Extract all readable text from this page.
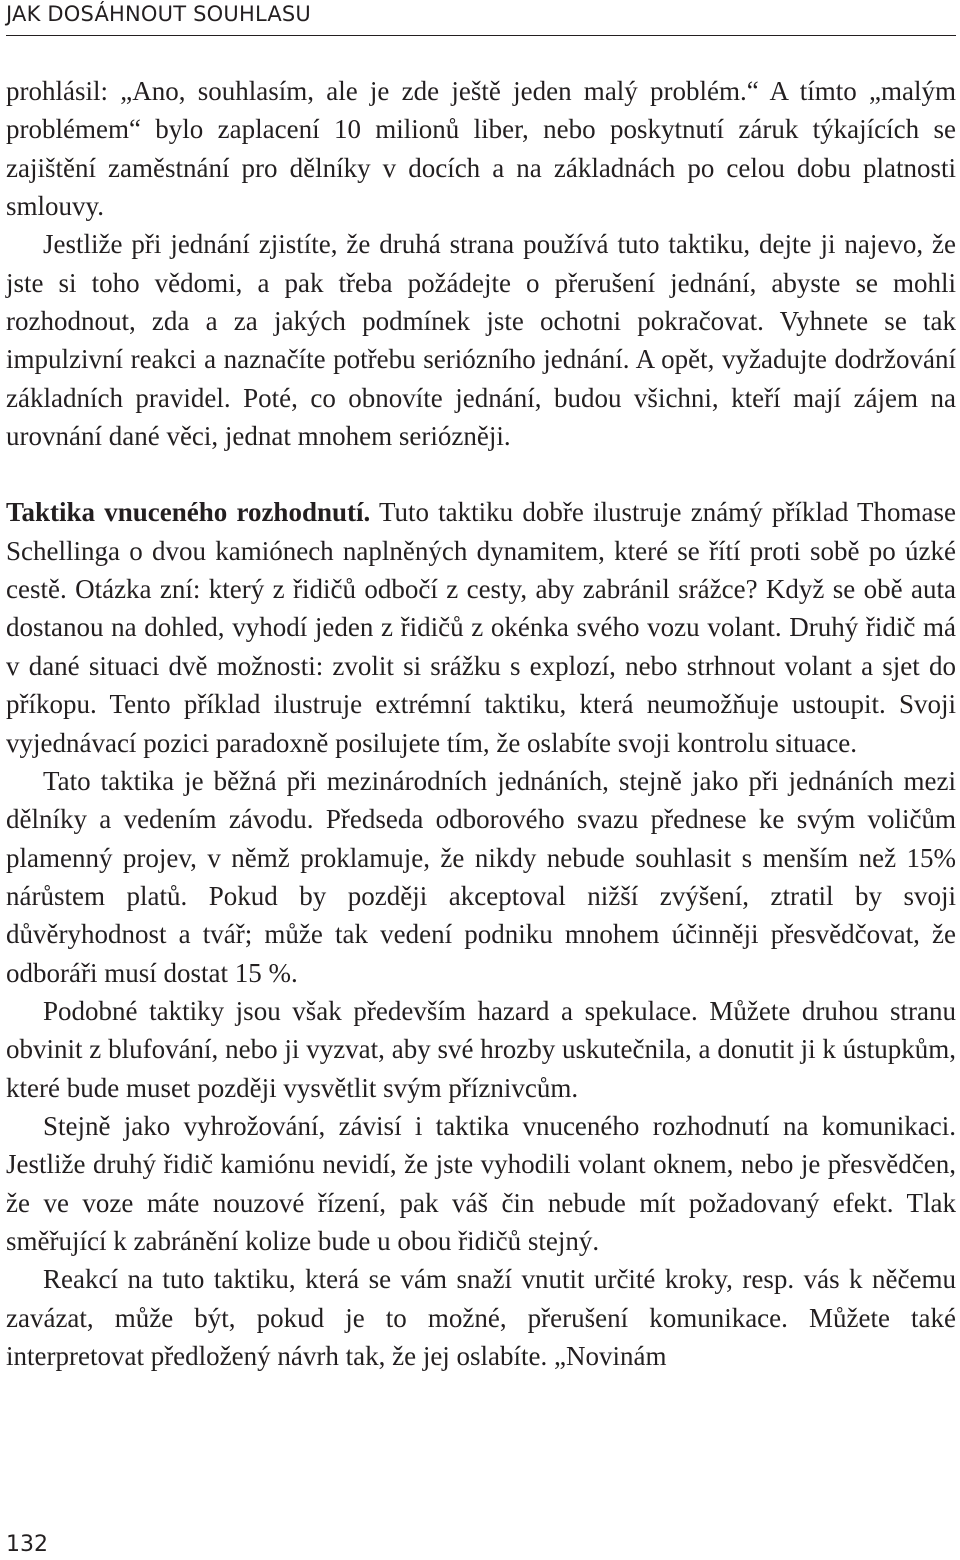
JAK DOSÁHNOUT SOUHLASU

prohlásil: „Ano, souhlasím, ale je zde ještě jeden malý problém.“ A tímto „malým problémem“ bylo zaplacení 10 milionů liber, nebo poskytnutí záruk týkajících se zajištění zaměstnání pro dělníky v docích a na základnách po celou dobu platnosti smlouvy.

Jestliže při jednání zjistíte, že druhá strana používá tuto taktiku, dejte ji najevo, že jste si toho vědomi, a pak třeba požádejte o přerušení jednání, abyste se mohli rozhodnout, zda a za jakých podmínek jste ochotni pokračovat. Vyhnete se tak impulzivní reakci a naznačíte potřebu seriózního jednání. A opět, vyžadujte dodržování základních pravidel. Poté, co obnovíte jednání, budou všichni, kteří mají zájem na urovnání dané věci, jednat mnohem serióznějі.

Taktika vnuceného rozhodnutí. Tuto taktiku dobře ilustruje známý příklad Thomase Schellinga o dvou kamiónech naplněných dynamitem, které se řítí proti sobě po úzké cestě. Otázka zní: který z řidičů odbočí z cesty, aby zabránil srážce? Když se obě auta dostanou na dohled, vyhodí jeden z řidičů z okénka svého vozu volant. Druhý řidič má v dané situaci dvě možnosti: zvolit si srážku s explozí, nebo strhnout volant a sjet do příkopu. Tento příklad ilustruje extrémní taktiku, která neumožňuje ustoupit. Svoji vyjednávací pozici paradoxně posilujete tím, že oslabíte svoji kontrolu situace.

Tato taktika je běžná při mezinárodních jednáních, stejně jako při jednáních mezi dělníky a vedením závodu. Předseda odborového svazu přednese ke svým voličům plamenný projev, v němž proklamuje, že nikdy nebude souhlasit s menším než 15% nárůstem platů. Pokud by později akceptoval nižší zvýšení, ztratil by svoji důvěryhodnost a tvář; může tak vedení podniku mnohem účinněji přesvědčovat, že odboráři musí dostat 15 %.

Podobné taktiky jsou však především hazard a spekulace. Můžete druhou stranu obvinit z blufování, nebo ji vyzvat, aby své hrozby uskutečnila, a donutit ji k ústupkům, které bude muset později vysvětlit svým příznivcům.

Stejně jako vyhrožování, závisí i taktika vnuceného rozhodnutí na komunikaci. Jestliže druhý řidič kamiónu nevidí, že jste vyhodili volant oknem, nebo je přesvědčen, že ve voze máte nouzové řízení, pak váš čin nebude mít požadovaný efekt. Tlak směřující k zabránění kolize bude u obou řidičů stejný.

Reakcí na tuto taktiku, která se vám snaží vnutit určité kroky, resp. vás k něčemu zavázat, může být, pokud je to možné, přerušení komunikace. Můžete také interpretovat předložený návrh tak, že jej oslabíte. „Novinám

132
